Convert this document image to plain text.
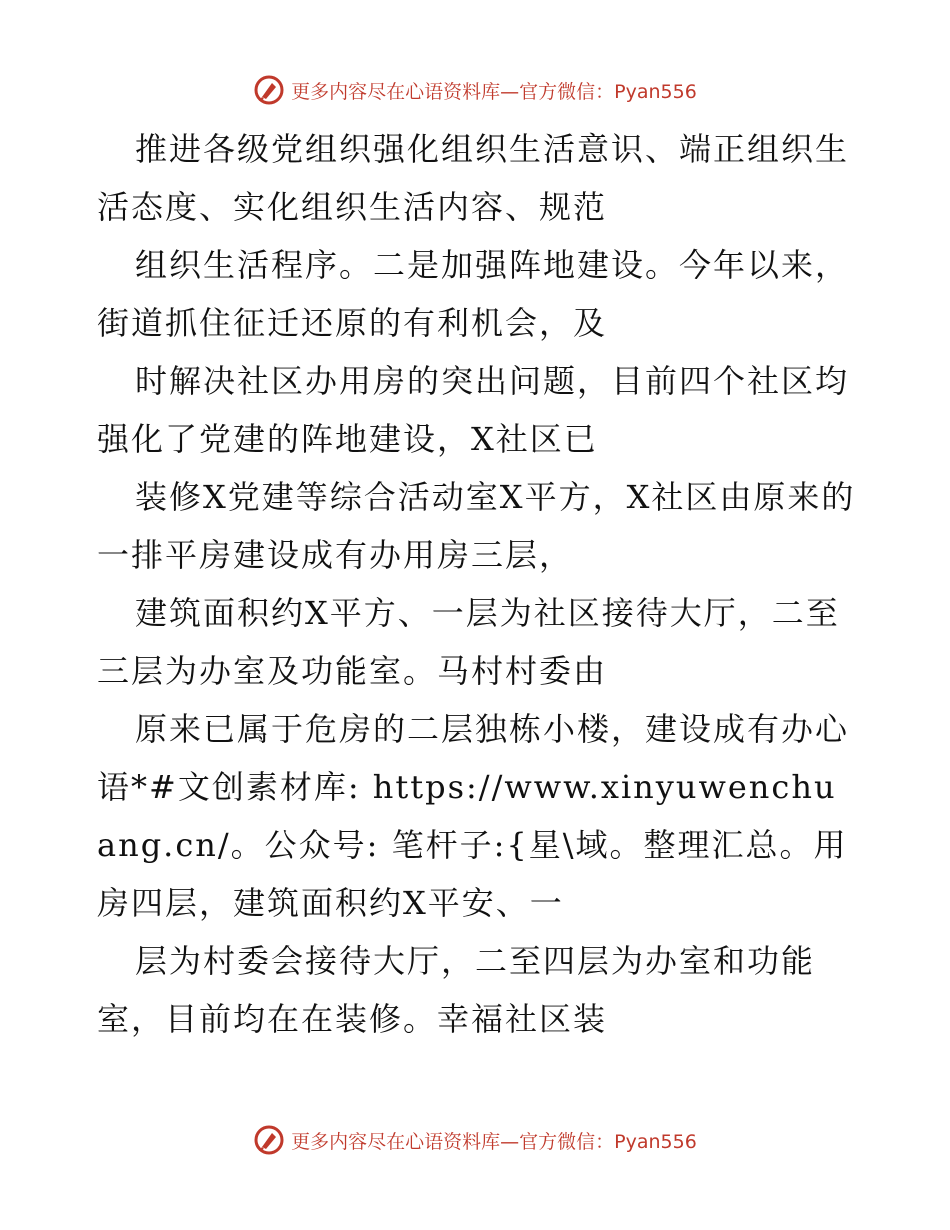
更多内容尽在心语资料库—官方微信：Pyan556

推进各级党组织强化组织生活意识、端正组织生活态度、实化组织生活内容、规范

组织生活程序。二是加强阵地建设。今年以来，街道抓住征迁还原的有利机会，及

时解决社区办用房的突出问题，目前四个社区均强化了党建的阵地建设，X社区已

装修X党建等综合活动室X平方，X社区由原来的一排平房建设成有办用房三层，

建筑面积约X平方、一层为社区接待大厅，二至三层为办室及功能室。马村村委由

原来已属于危房的二层独栋小楼，建设成有办心语*#文创素材库: https://www.xinyuwenchuang.cn/。公众号: 笔杆子:{星\域。整理汇总。用房四层，建筑面积约X平安、一

层为村委会接待大厅，二至四层为办室和功能室，目前均在在装修。幸福社区装

更多内容尽在心语资料库—官方微信：Pyan556
